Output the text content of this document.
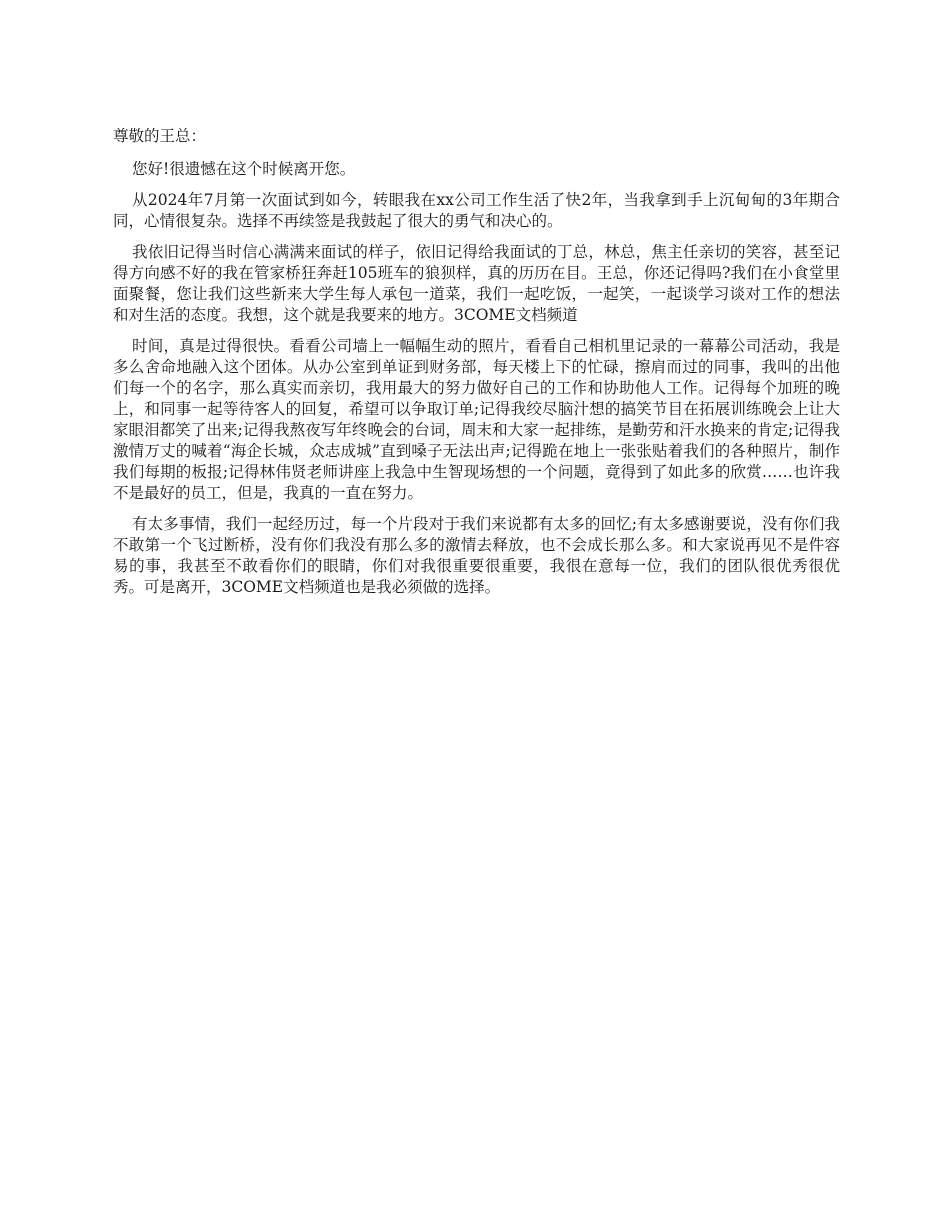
尊敬的王总：

您好!很遗憾在这个时候离开您。

从2024年7月第一次面试到如今，转眼我在xx公司工作生活了快2年，当我拿到手上沉甸甸的3年期合同，心情很复杂。选择不再续签是我鼓起了很大的勇气和决心的。

我依旧记得当时信心满满来面试的样子，依旧记得给我面试的丁总，林总，焦主任亲切的笑容，甚至记得方向感不好的我在管家桥狂奔赶105班车的狼狈样，真的历历在目。王总，你还记得吗?我们在小食堂里面聚餐，您让我们这些新来大学生每人承包一道菜，我们一起吃饭，一起笑，一起谈学习谈对工作的想法和对生活的态度。我想，这个就是我要来的地方。3COME文档频道

时间，真是过得很快。看看公司墙上一幅幅生动的照片，看看自己相机里记录的一幕幕公司活动，我是多么舍命地融入这个团体。从办公室到单证到财务部，每天楼上下的忙碌，擦肩而过的同事，我叫的出他们每一个的名字，那么真实而亲切，我用最大的努力做好自己的工作和协助他人工作。记得每个加班的晚上，和同事一起等待客人的回复，希望可以争取订单;记得我绞尽脑汁想的搞笑节目在拓展训练晚会上让大家眼泪都笑了出来;记得我熬夜写年终晚会的台词，周末和大家一起排练，是勤劳和汗水换来的肯定;记得我激情万丈的喊着“海企长城，众志成城”直到嗓子无法出声;记得跪在地上一张张贴着我们的各种照片，制作我们每期的板报;记得林伟贤老师讲座上我急中生智现场想的一个问题，竟得到了如此多的欣赏……也许我不是最好的员工，但是，我真的一直在努力。

有太多事情，我们一起经历过，每一个片段对于我们来说都有太多的回忆;有太多感谢要说，没有你们我不敢第一个飞过断桥，没有你们我没有那么多的激情去释放，也不会成长那么多。和大家说再见不是件容易的事，我甚至不敢看你们的眼睛，你们对我很重要很重要，我很在意每一位，我们的团队很优秀很优秀。可是离开，3COME文档频道也是我必须做的选择。
